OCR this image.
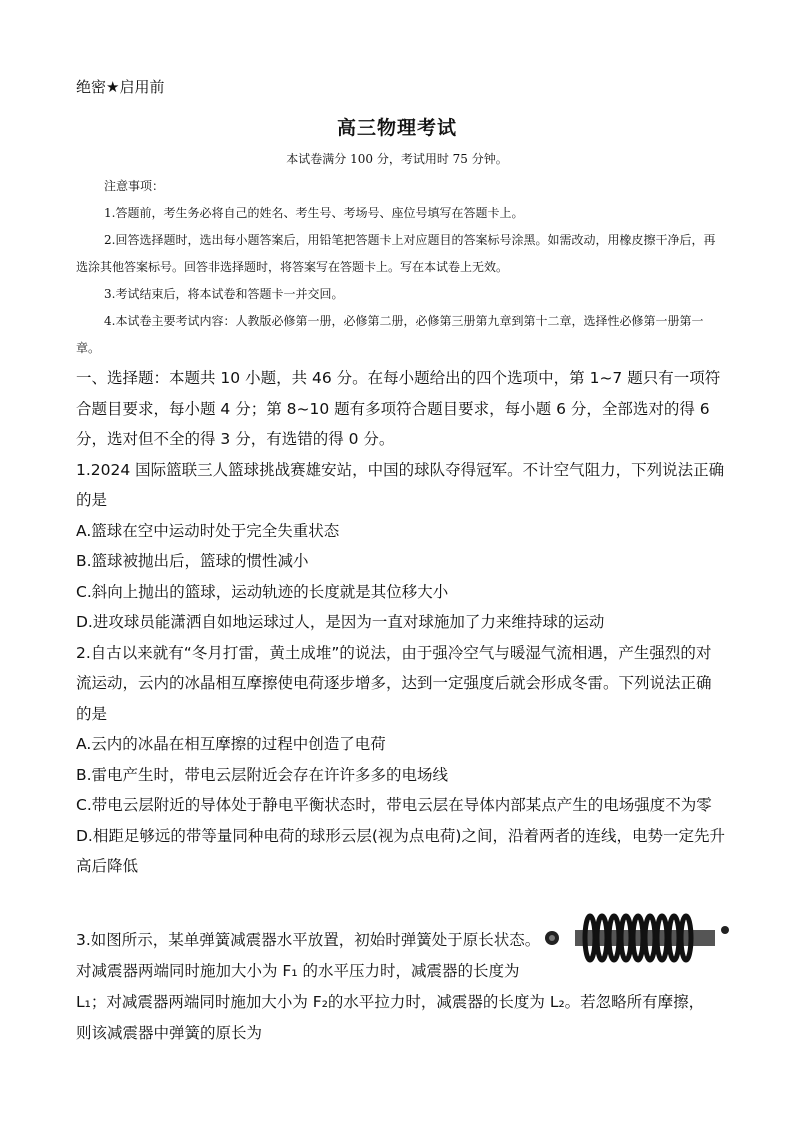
绝密★启用前
高三物理考试
本试卷满分 100 分，考试用时 75 分钟。

注意事项：

1.答题前，考生务必将自己的姓名、考生号、考场号、座位号填写在答题卡上。

2.回答选择题时，选出每小题答案后，用铅笔把答题卡上对应题目的答案标号涂黑。如需改动，用橡皮擦干净后，再选涂其他答案标号。回答非选择题时，将答案写在答题卡上。写在本试卷上无效。

3.考试结束后，将本试卷和答题卡一并交回。

4.本试卷主要考试内容：人教版必修第一册，必修第二册，必修第三册第九章到第十二章，选择性必修第一册第一章。

一、选择题：本题共 10 小题，共 46 分。在每小题给出的四个选项中，第 1~7 题只有一项符合题目要求，每小题 4 分；第 8~10 题有多项符合题目要求，每小题 6 分，全部选对的得 6 分，选对但不全的得 3 分，有选错的得 0 分。

1.2024 国际篮联三人篮球挑战赛雄安站，中国的球队夺得冠军。不计空气阻力，下列说法正确的是

A.篮球在空中运动时处于完全失重状态

B.篮球被抛出后，篮球的惯性减小

C.斜向上抛出的篮球，运动轨迹的长度就是其位移大小

D.进攻球员能潇洒自如地运球过人，是因为一直对球施加了力来维持球的运动

2.自古以来就有“冬月打雷，黄土成堆”的说法，由于强冷空气与暖湿气流相遇，产生强烈的对流运动，云内的冰晶相互摩擦使电荷逐步增多，达到一定强度后就会形成冬雷。下列说法正确的是

A.云内的冰晶在相互摩擦的过程中创造了电荷

B.雷电产生时，带电云层附近会存在许许多多的电场线

C.带电云层附近的导体处于静电平衡状态时，带电云层在导体内部某点产生的电场强度不为零

D.相距足够远的带等量同种电荷的球形云层(视为点电荷)之间，沿着两者的连线，电势一定先升高后降低

3.如图所示，某单弹簧减震器水平放置，初始时弹簧处于原长状态。
对减震器两端同时施加大小为 F₁ 的水平压力时，减震器的长度为
L₁；对减震器两端同时施加大小为 F₂的水平拉力时，减震器的长度为 L₂。若忽略所有摩擦，
则该减震器中弹簧的原长为
